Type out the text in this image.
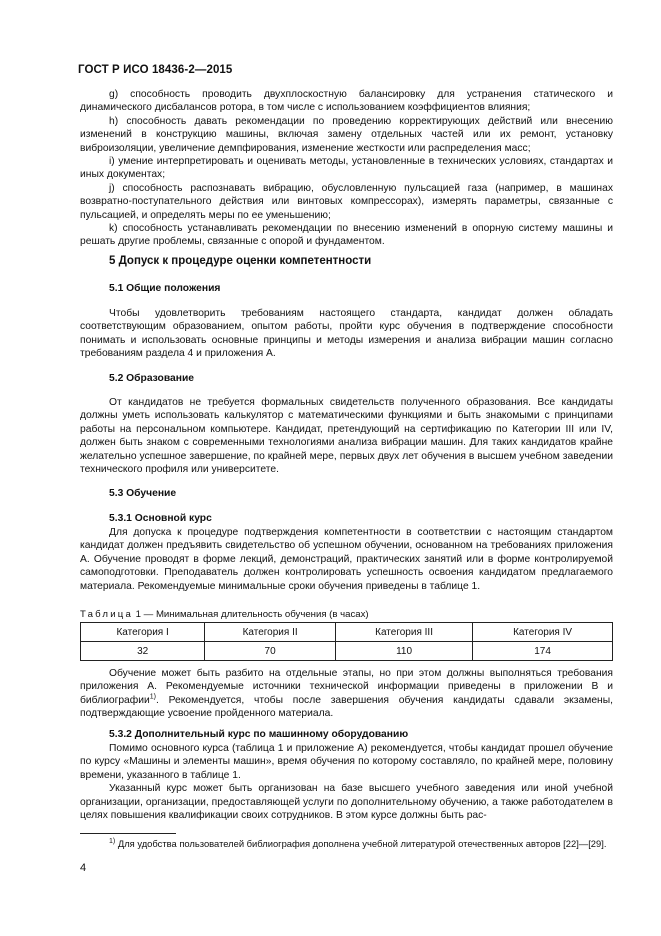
ГОСТ Р ИСО 18436-2—2015

g) способность проводить двухплоскостную балансировку для устранения статического и динамического дисбалансов ротора, в том числе с использованием коэффициентов влияния;

h) способность давать рекомендации по проведению корректирующих действий или внесению изменений в конструкцию машины, включая замену отдельных частей или их ремонт, установку виброизоляции, увеличение демпфирования, изменение жесткости или распределения масс;

i) умение интерпретировать и оценивать методы, установленные в технических условиях, стандартах и иных документах;

j) способность распознавать вибрацию, обусловленную пульсацией газа (например, в машинах возвратно-поступательного действия или винтовых компрессорах), измерять параметры, связанные с пульсацией, и определять меры по ее уменьшению;

k) способность устанавливать рекомендации по внесению изменений в опорную систему машины и решать другие проблемы, связанные с опорой и фундаментом.

5 Допуск к процедуре оценки компетентности
5.1 Общие положения

Чтобы удовлетворить требованиям настоящего стандарта, кандидат должен обладать соответствующим образованием, опытом работы, пройти курс обучения в подтверждение способности понимать и использовать основные принципы и методы измерения и анализа вибрации машин согласно требованиям раздела 4 и приложения А.

5.2 Образование

От кандидатов не требуется формальных свидетельств полученного образования. Все кандидаты должны уметь использовать калькулятор с математическими функциями и быть знакомыми с принципами работы на персональном компьютере. Кандидат, претендующий на сертификацию по Категории III или IV, должен быть знаком с современными технологиями анализа вибрации машин. Для таких кандидатов крайне желательно успешное завершение, по крайней мере, первых двух лет обучения в высшем учебном заведении технического профиля или университете.

5.3 Обучение
5.3.1 Основной курс

Для допуска к процедуре подтверждения компетентности в соответствии с настоящим стандартом кандидат должен предъявить свидетельство об успешном обучении, основанном на требованиях приложения А. Обучение проводят в форме лекций, демонстраций, практических занятий или в форме контролируемой самоподготовки. Преподаватель должен контролировать успешность освоения кандидатом предлагаемого материала. Рекомендуемые минимальные сроки обучения приведены в таблице 1.

Таблица 1 — Минимальная длительность обучения (в часах)
Категория I	Категория II	Категория III	Категория IV
32	70	110	174

Обучение может быть разбито на отдельные этапы, но при этом должны выполняться требования приложения А. Рекомендуемые источники технической информации приведены в приложении В и библиографии$^{1)}$. Рекомендуется, чтобы после завершения обучения кандидаты сдавали экзамены, подтверждающие усвоение пройденного материала.

5.3.2 Дополнительный курс по машинному оборудованию

Помимо основного курса (таблица 1 и приложение А) рекомендуется, чтобы кандидат прошел обучение по курсу «Машины и элементы машин», время обучения по которому составляло, по крайней мере, половину времени, указанного в таблице 1.

Указанный курс может быть организован на базе высшего учебного заведения или иной учебной организации, организации, предоставляющей услуги по дополнительному обучению, а также работодателем в целях повышения квалификации своих сотрудников. В этом курсе должны быть рас-

$^{1)}$ Для удобства пользователей библиография дополнена учебной литературой отечественных авторов [22]—[29].

4
